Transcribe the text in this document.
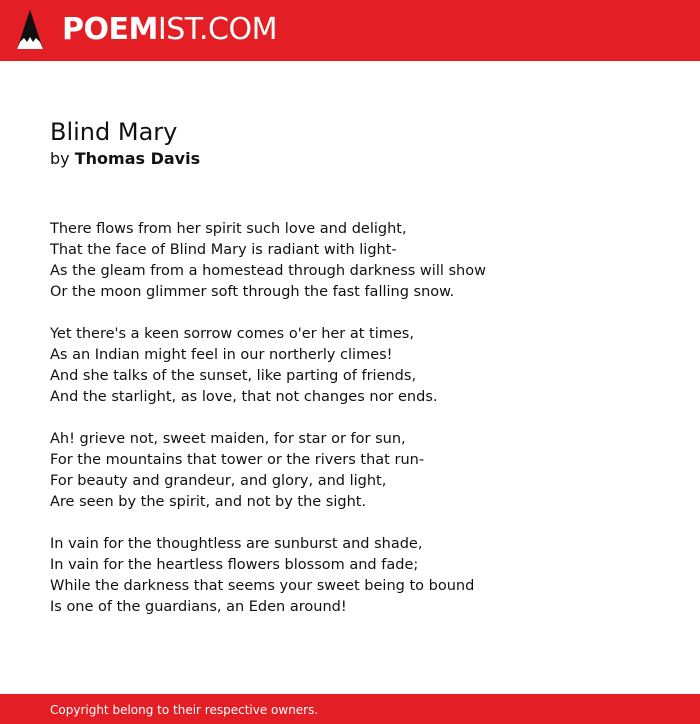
POEMIST.COM
Blind Mary
by Thomas Davis
There flows from her spirit such love and delight,
That the face of Blind Mary is radiant with light-
As the gleam from a homestead through darkness will show
Or the moon glimmer soft through the fast falling snow.
Yet there's a keen sorrow comes o'er her at times,
As an Indian might feel in our northerly climes!
And she talks of the sunset, like parting of friends,
And the starlight, as love, that not changes nor ends.
Ah! grieve not, sweet maiden, for star or for sun,
For the mountains that tower or the rivers that run-
For beauty and grandeur, and glory, and light,
Are seen by the spirit, and not by the sight.
In vain for the thoughtless are sunburst and shade,
In vain for the heartless flowers blossom and fade;
While the darkness that seems your sweet being to bound
Is one of the guardians, an Eden around!
Copyright belong to their respective owners.
